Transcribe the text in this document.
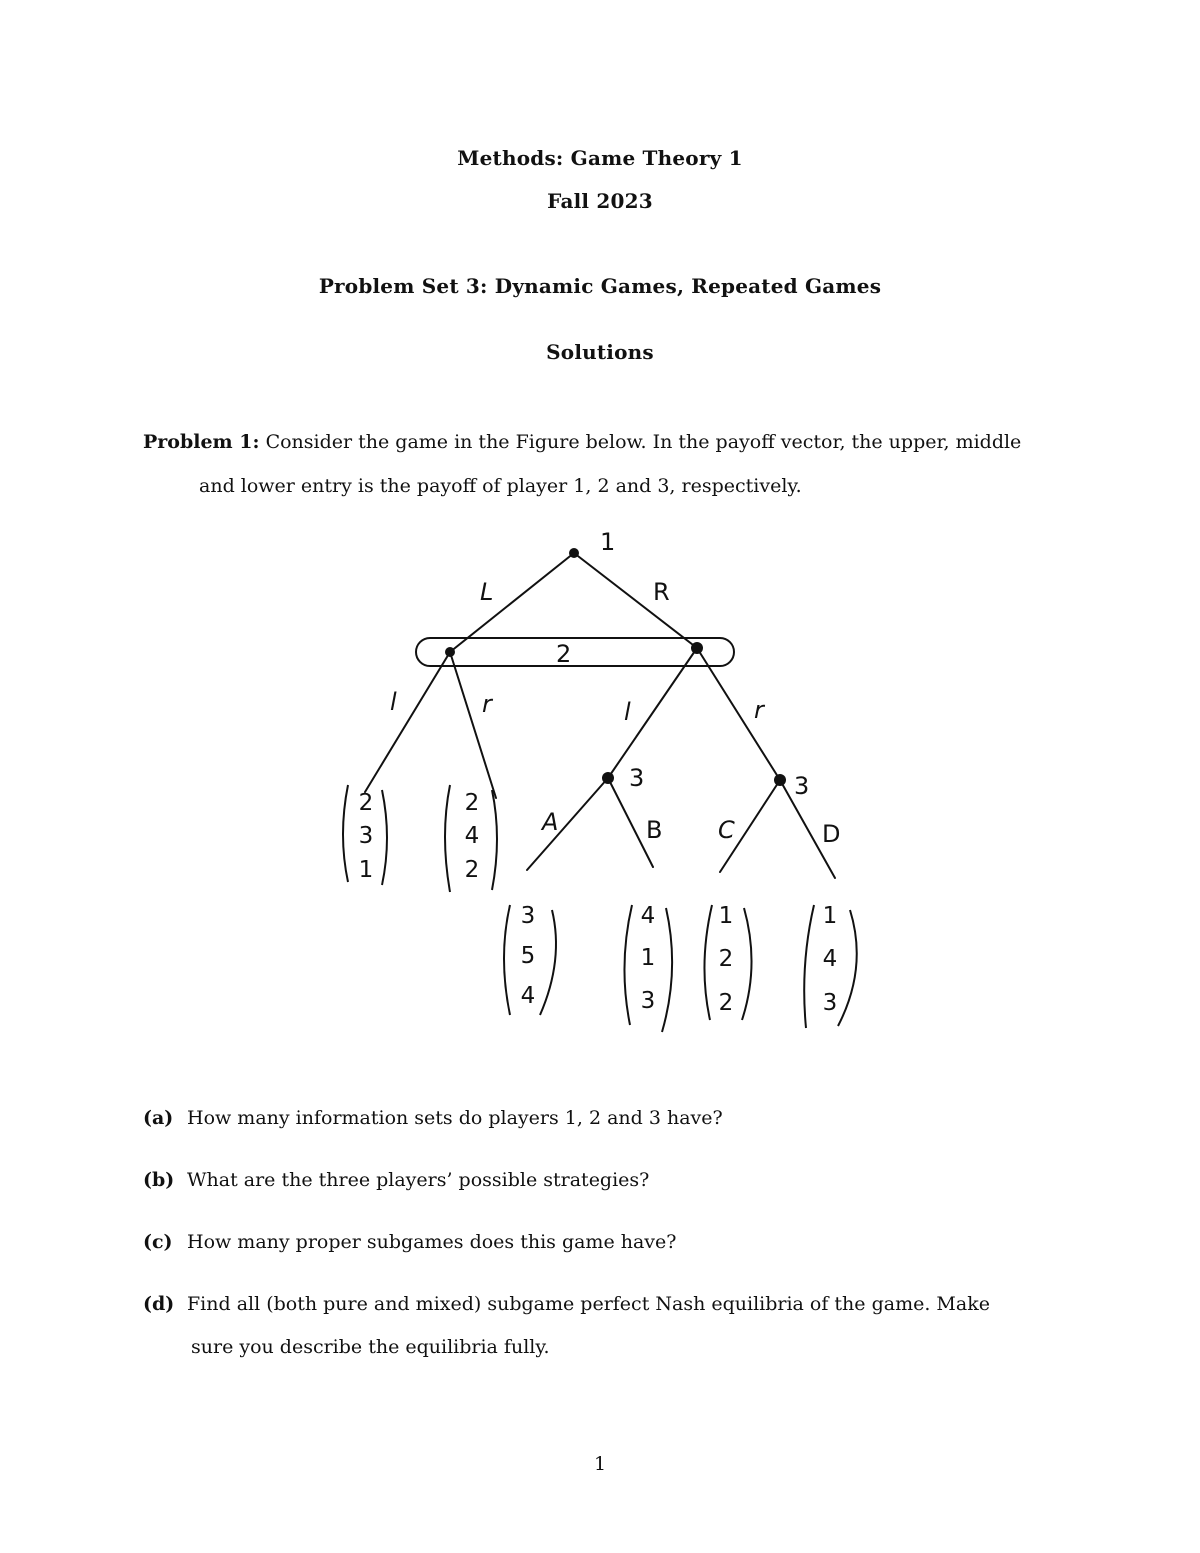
Methods: Game Theory 1
Fall 2023
Problem Set 3: Dynamic Games, Repeated Games
Solutions
Problem 1: Consider the game in the Figure below. In the payoff vector, the upper, middle
and lower entry is the payoff of player 1, 2 and 3, respectively.
1
L	R
2
l	r	l	r
3	3
A	B C	D
2
3
1
2
4
2
3
5
4
4
1
3
1
2
2
1
4
3
(a) How many information sets do players 1, 2 and 3 have?
(b) What are the three players’ possible strategies?
(c) How many proper subgames does this game have?
(d) Find all (both pure and mixed) subgame perfect Nash equilibria of the game. Make
sure you describe the equilibria fully.
1
